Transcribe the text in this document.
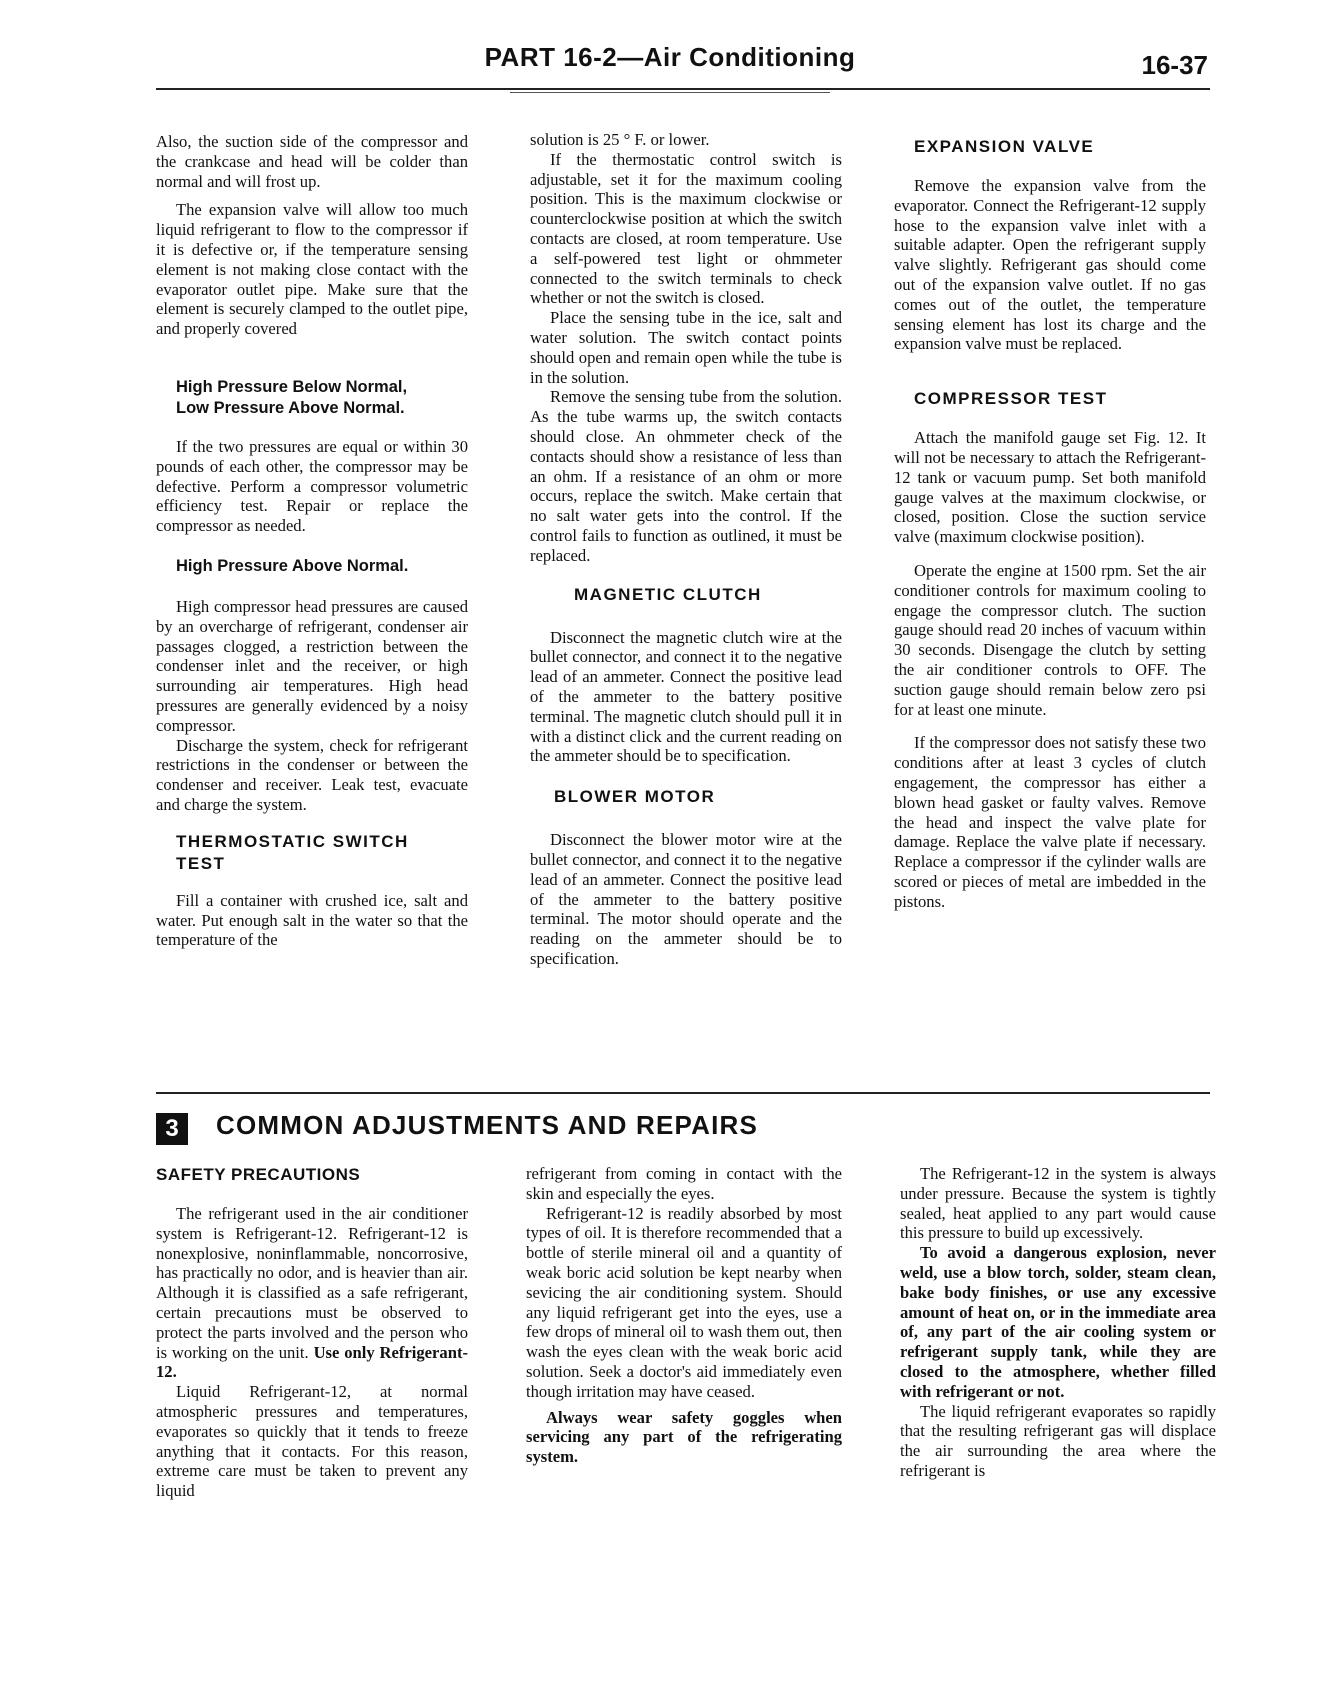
PART 16-2—Air Conditioning	16-37

Also, the suction side of the compressor and the crankcase and head will be colder than normal and will frost up.

The expansion valve will allow too much liquid refrigerant to flow to the compressor if it is defective or, if the temperature sensing element is not making close contact with the evaporator outlet pipe. Make sure that the element is securely clamped to the outlet pipe, and properly covered

High Pressure Below Normal,
Low Pressure Above Normal.

If the two pressures are equal or within 30 pounds of each other, the compressor may be defective. Perform a compressor volumetric efficiency test. Repair or replace the compressor as needed.

High Pressure Above Normal.

High compressor head pressures are caused by an overcharge of refrigerant, condenser air passages clogged, a restriction between the condenser inlet and the receiver, or high surrounding air temperatures. High head pressures are generally evidenced by a noisy compressor.

Discharge the system, check for refrigerant restrictions in the condenser or between the condenser and receiver. Leak test, evacuate and charge the system.

THERMOSTATIC SWITCH
TEST

Fill a container with crushed ice, salt and water. Put enough salt in the water so that the temperature of the

solution is 25 ° F. or lower.

If the thermostatic control switch is adjustable, set it for the maximum cooling position. This is the maximum clockwise or counterclockwise position at which the switch contacts are closed, at room temperature. Use a self-powered test light or ohmmeter connected to the switch terminals to check whether or not the switch is closed.

Place the sensing tube in the ice, salt and water solution. The switch contact points should open and remain open while the tube is in the solution.

Remove the sensing tube from the solution. As the tube warms up, the switch contacts should close. An ohmmeter check of the contacts should show a resistance of less than an ohm. If a resistance of an ohm or more occurs, replace the switch. Make certain that no salt water gets into the control. If the control fails to function as outlined, it must be replaced.

MAGNETIC CLUTCH

Disconnect the magnetic clutch wire at the bullet connector, and connect it to the negative lead of an ammeter. Connect the positive lead of the ammeter to the battery positive terminal. The magnetic clutch should pull it in with a distinct click and the current reading on the ammeter should be to specification.

BLOWER MOTOR

Disconnect the blower motor wire at the bullet connector, and connect it to the negative lead of an ammeter. Connect the positive lead of the ammeter to the battery positive terminal. The motor should operate and the reading on the ammeter should be to specification.

EXPANSION VALVE

Remove the expansion valve from the evaporator. Connect the Refrigerant-12 supply hose to the expansion valve inlet with a suitable adapter. Open the refrigerant supply valve slightly. Refrigerant gas should come out of the expansion valve outlet. If no gas comes out of the outlet, the temperature sensing element has lost its charge and the expansion valve must be replaced.

COMPRESSOR TEST

Attach the manifold gauge set Fig. 12. It will not be necessary to attach the Refrigerant-12 tank or vacuum pump. Set both manifold gauge valves at the maximum clockwise, or closed, position. Close the suction service valve (maximum clockwise position).

Operate the engine at 1500 rpm. Set the air conditioner controls for maximum cooling to engage the compressor clutch. The suction gauge should read 20 inches of vacuum within 30 seconds. Disengage the clutch by setting the air conditioner controls to OFF. The suction gauge should remain below zero psi for at least one minute.

If the compressor does not satisfy these two conditions after at least 3 cycles of clutch engagement, the compressor has either a blown head gasket or faulty valves. Remove the head and inspect the valve plate for damage. Replace the valve plate if necessary. Replace a compressor if the cylinder walls are scored or pieces of metal are imbedded in the pistons.

3	COMMON ADJUSTMENTS AND REPAIRS
SAFETY PRECAUTIONS

The refrigerant used in the air conditioner system is Refrigerant-12. Refrigerant-12 is nonexplosive, noninflammable, noncorrosive, has practically no odor, and is heavier than air. Although it is classified as a safe refrigerant, certain precautions must be observed to protect the parts involved and the person who is working on the unit. Use only Refrigerant-12.

Liquid Refrigerant-12, at normal atmospheric pressures and temperatures, evaporates so quickly that it tends to freeze anything that it contacts. For this reason, extreme care must be taken to prevent any liquid

refrigerant from coming in contact with the skin and especially the eyes.

Refrigerant-12 is readily absorbed by most types of oil. It is therefore recommended that a bottle of sterile mineral oil and a quantity of weak boric acid solution be kept nearby when sevicing the air conditioning system. Should any liquid refrigerant get into the eyes, use a few drops of mineral oil to wash them out, then wash the eyes clean with the weak boric acid solution. Seek a doctor's aid immediately even though irritation may have ceased.

Always wear safety goggles when servicing any part of the refrigerating system.

The Refrigerant-12 in the system is always under pressure. Because the system is tightly sealed, heat applied to any part would cause this pressure to build up excessively.

To avoid a dangerous explosion, never weld, use a blow torch, solder, steam clean, bake body finishes, or use any excessive amount of heat on, or in the immediate area of, any part of the air cooling system or refrigerant supply tank, while they are closed to the atmosphere, whether filled with refrigerant or not.

The liquid refrigerant evaporates so rapidly that the resulting refrigerant gas will displace the air surrounding the area where the refrigerant is
